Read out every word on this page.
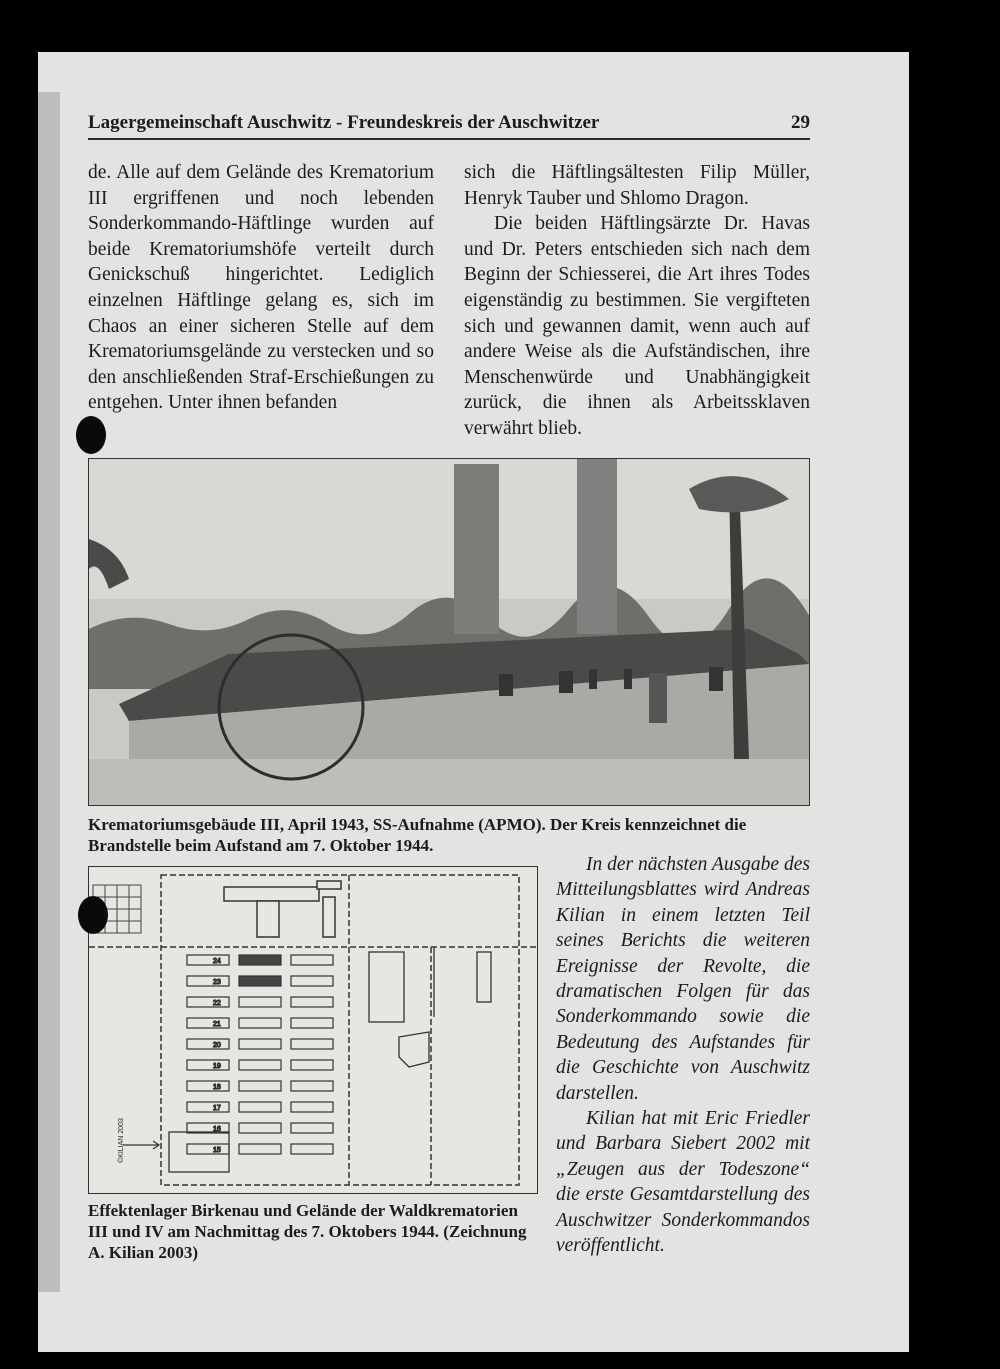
Lagergemeinschaft Auschwitz - Freundeskreis der Auschwitzer	29

de. Alle auf dem Gelände des Krematorium III ergriffenen und noch lebenden Sonderkommando-Häftlinge wurden auf beide Krematoriumshöfe verteilt durch Genickschuß hingerichtet. Lediglich einzelnen Häftlinge gelang es, sich im Chaos an einer sicheren Stelle auf dem Krematoriumsgelände zu verstecken und so den anschließenden Straf-Erschießungen zu entgehen. Unter ihnen befanden

sich die Häftlingsältesten Filip Müller, Henryk Tauber und Shlomo Dragon.

Die beiden Häftlingsärzte Dr. Havas und Dr. Peters entschieden sich nach dem Beginn der Schiesserei, die Art ihres Todes eigenständig zu bestimmen. Sie vergifteten sich und gewannen damit, wenn auch auf andere Weise als die Aufständischen, ihre Menschenwürde und Unabhängigkeit zurück, die ihnen als Arbeitssklaven verwährt blieb.

Krematoriumsgebäude III, April 1943, SS-Aufnahme (APMO). Der Kreis kennzeichnet die Brandstelle beim Aufstand am 7. Oktober 1944.
24
23
22
21
20
19
18
17
16
15
©KILIAN 2003
Effektenlager Birkenau und Gelände der Waldkrematorien III und IV am Nachmittag des 7. Oktobers 1944. (Zeichnung A. Kilian 2003)

In der nächsten Ausgabe des Mitteilungsblattes wird Andreas Kilian in einem letzten Teil seines Berichts die weiteren Ereignisse der Revolte, die dramatischen Folgen für das Sonderkommando sowie die Bedeutung des Aufstandes für die Geschichte von Auschwitz darstellen.

Kilian hat mit Eric Friedler und Barbara Siebert 2002 mit „Zeugen aus der Todeszone“ die erste Gesamtdarstellung des Auschwitzer Sonderkommandos veröffentlicht.
